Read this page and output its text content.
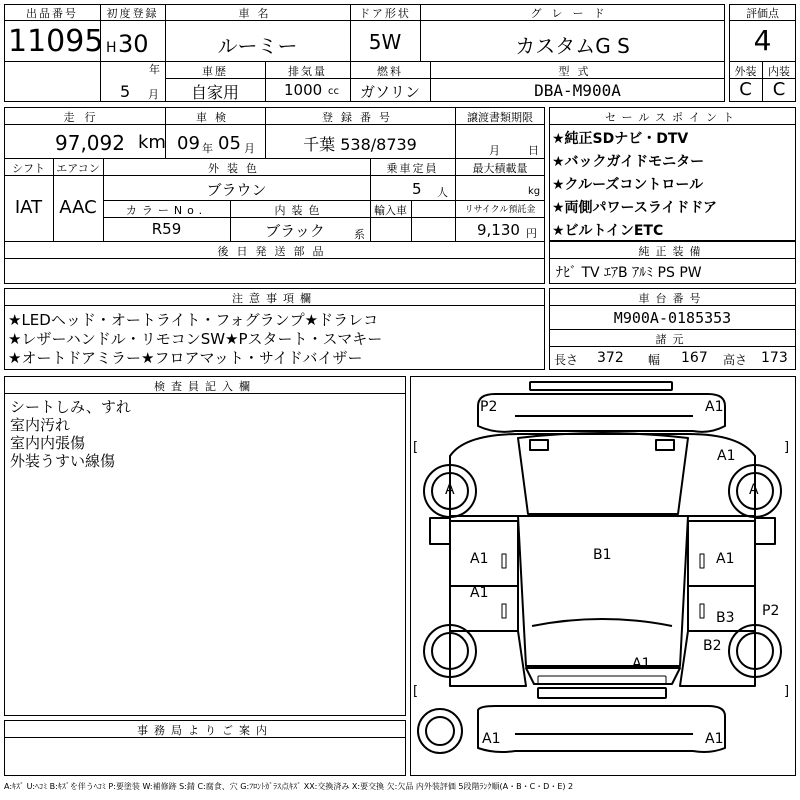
出品番号
11095
初度登録
H 30
年
5 月
車名
ルーミー
ドア形状
5W
グレード
カスタムG S
車歴
自家用
排気量
1000 cc
燃料
ガソリン
型式
DBA-M900A
評価点
4
外装	内装
C	C
走行
97,092 km
車検
09 年 05 月
登録番号
千葉 538/8739
譲渡書類期限
月	日
シフト
IAT
エアコン
AAC
外装色
ブラウン
乗車定員
5 人
最大積載量
kg
カラーNo.
R59
内装色
ブラック	系
輸入車	リサイクル預託金
9,130 円
後日発送部品
セールスポイント
★純正SDナビ・DTV
★バックガイドモニター
★クルーズコントロール
★両側パワースライドドア
★ビルトインETC
純正装備
ﾅﾋﾞ TV ｴｱB ｱﾙﾐ PS PW
注意事項欄
★LEDヘッド・オートライト・フォグランプ★ドラレコ
★レザーハンドル・リモコンSW★Pスタート・スマキー
★オートドアミラー★フロアマット・サイドバイザー
車台番号
M900A-0185353
諸元
長さ 372 幅 167 高さ 173
検査員記入欄
シートしみ、すれ
室内汚れ
室内内張傷
外装うすい線傷
事務局よりご案内
P2	A1
A1
A	A
A1
A1
A1
B1
B3 P2
B2
A1
A1	A1
[	]
[	]
A:ｷｽﾞ U:ﾍｺﾐ B:ｷｽﾞを伴うﾍｺﾐ P:要塗装 W:補修跡 S:錆 C:腐食、穴 G:ﾌﾛﾝﾄｶﾞﾗｽ点ｷｽﾞ XX:交換済み X:要交換 欠:欠品 内外装評価 5段階ﾗﾝｸ順(A・B・C・D・E) 2
